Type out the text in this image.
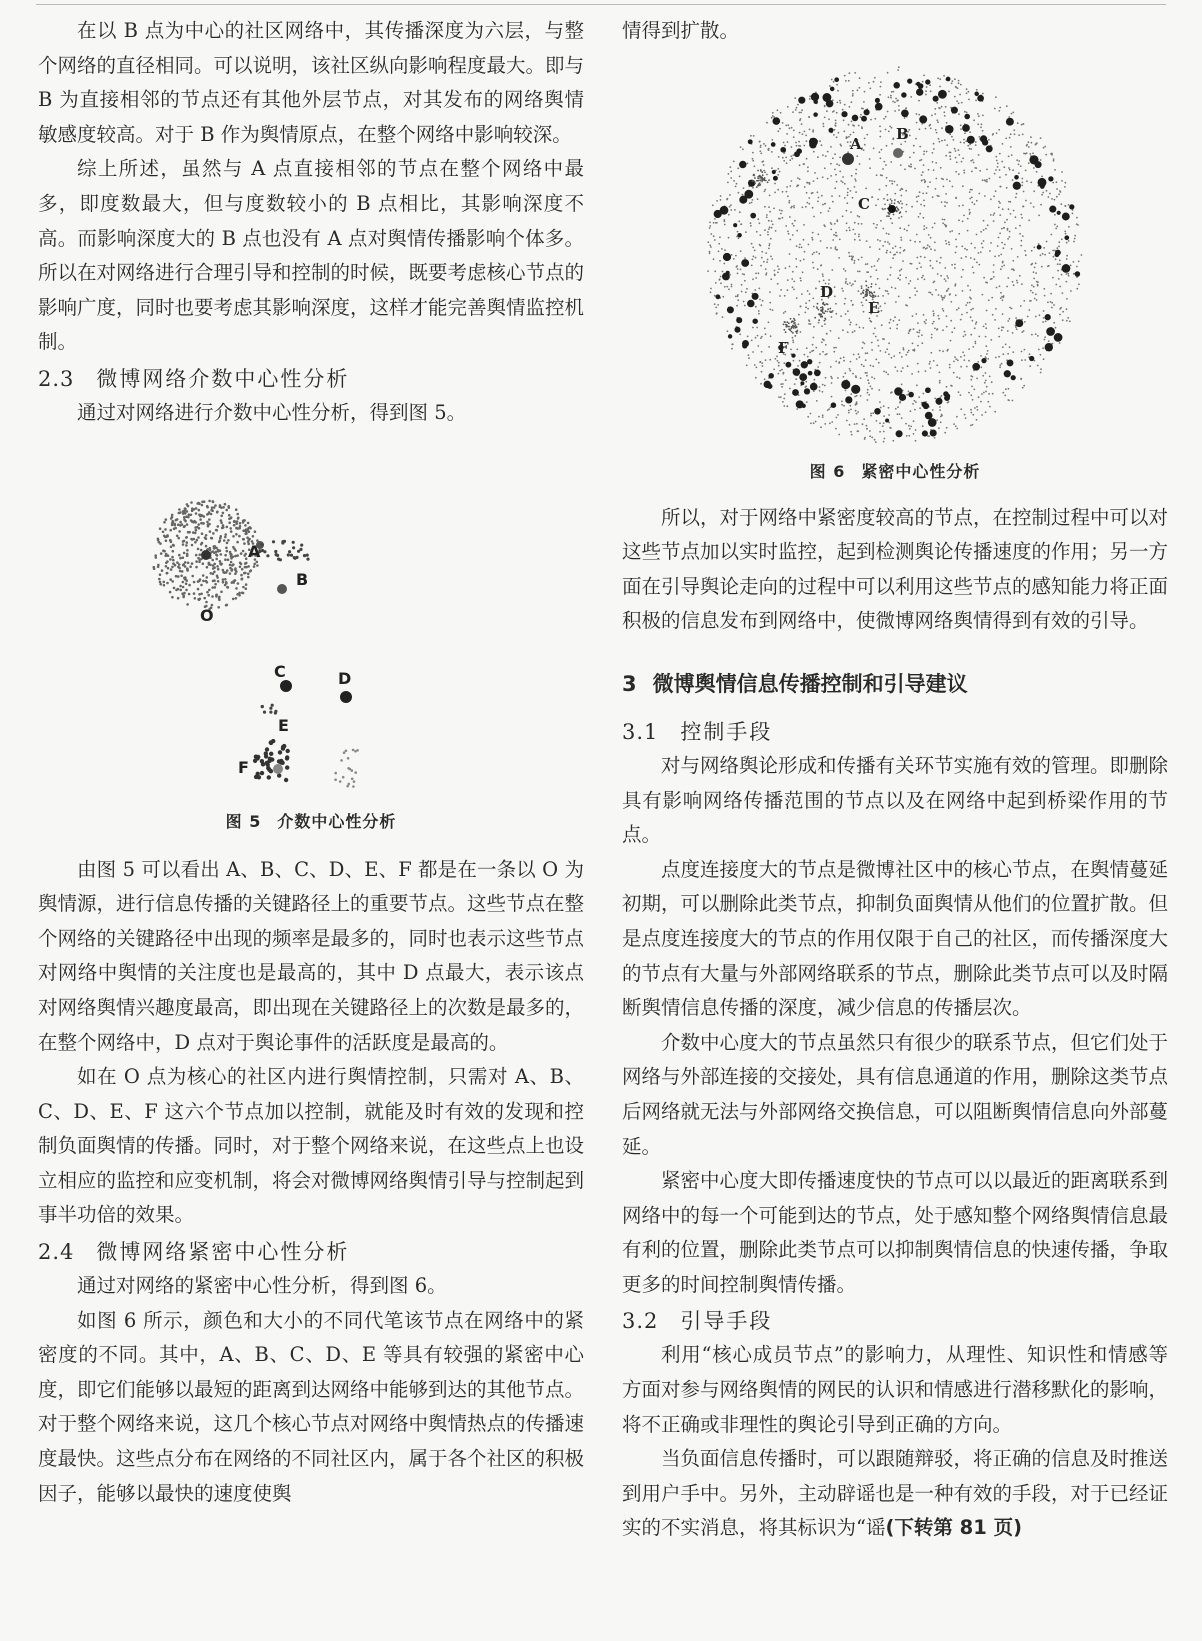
在以 B 点为中心的社区网络中，其传播深度为六层，与整个网络的直径相同。可以说明，该社区纵向影响程度最大。即与 B 为直接相邻的节点还有其他外层节点，对其发布的网络舆情敏感度较高。对于 B 作为舆情原点，在整个网络中影响较深。

综上所述，虽然与 A 点直接相邻的节点在整个网络中最多，即度数最大，但与度数较小的 B 点相比，其影响深度不高。而影响深度大的 B 点也没有 A 点对舆情传播影响个体多。所以在对网络进行合理引导和控制的时候，既要考虑核心节点的影响广度，同时也要考虑其影响深度，这样才能完善舆情监控机制。

2.3 微博网络介数中心性分析

通过对网络进行介数中心性分析，得到图 5。

O
A
B
C	D
E
F
图 5 介数中心性分析

由图 5 可以看出 A、B、C、D、E、F 都是在一条以 O 为舆情源，进行信息传播的关键路径上的重要节点。这些节点在整个网络的关键路径中出现的频率是最多的，同时也表示这些节点对网络中舆情的关注度也是最高的，其中 D 点最大，表示该点对网络舆情兴趣度最高，即出现在关键路径上的次数是最多的，在整个网络中，D 点对于舆论事件的活跃度是最高的。

如在 O 点为核心的社区内进行舆情控制，只需对 A、B、C、D、E、F 这六个节点加以控制，就能及时有效的发现和控制负面舆情的传播。同时，对于整个网络来说，在这些点上也设立相应的监控和应变机制，将会对微博网络舆情引导与控制起到事半功倍的效果。

2.4 微博网络紧密中心性分析

通过对网络的紧密中心性分析，得到图 6。

如图 6 所示，颜色和大小的不同代笔该节点在网络中的紧密度的不同。其中，A、B、C、D、E 等具有较强的紧密中心度，即它们能够以最短的距离到达网络中能够到达的其他节点。对于整个网络来说，这几个核心节点对网络中舆情热点的传播速度最快。这些点分布在网络的不同社区内，属于各个社区的积极因子，能够以最快的速度使舆

情得到扩散。

A
B
C
D
E
F
图 6 紧密中心性分析

所以，对于网络中紧密度较高的节点，在控制过程中可以对这些节点加以实时监控，起到检测舆论传播速度的作用；另一方面在引导舆论走向的过程中可以利用这些节点的感知能力将正面积极的信息发布到网络中，使微博网络舆情得到有效的引导。

3 微博舆情信息传播控制和引导建议
3.1 控制手段

对与网络舆论形成和传播有关环节实施有效的管理。即删除具有影响网络传播范围的节点以及在网络中起到桥梁作用的节点。

点度连接度大的节点是微博社区中的核心节点，在舆情蔓延初期，可以删除此类节点，抑制负面舆情从他们的位置扩散。但是点度连接度大的节点的作用仅限于自己的社区，而传播深度大的节点有大量与外部网络联系的节点，删除此类节点可以及时隔断舆情信息传播的深度，减少信息的传播层次。

介数中心度大的节点虽然只有很少的联系节点，但它们处于网络与外部连接的交接处，具有信息通道的作用，删除这类节点后网络就无法与外部网络交换信息，可以阻断舆情信息向外部蔓延。

紧密中心度大即传播速度快的节点可以以最近的距离联系到网络中的每一个可能到达的节点，处于感知整个网络舆情信息最有利的位置，删除此类节点可以抑制舆情信息的快速传播，争取更多的时间控制舆情传播。

3.2 引导手段

利用“核心成员节点”的影响力，从理性、知识性和情感等方面对参与网络舆情的网民的认识和情感进行潜移默化的影响，将不正确或非理性的舆论引导到正确的方向。

当负面信息传播时，可以跟随辩驳，将正确的信息及时推送到用户手中。另外，主动辟谣也是一种有效的手段，对于已经证实的不实消息，将其标识为“谣(下转第 81 页)
